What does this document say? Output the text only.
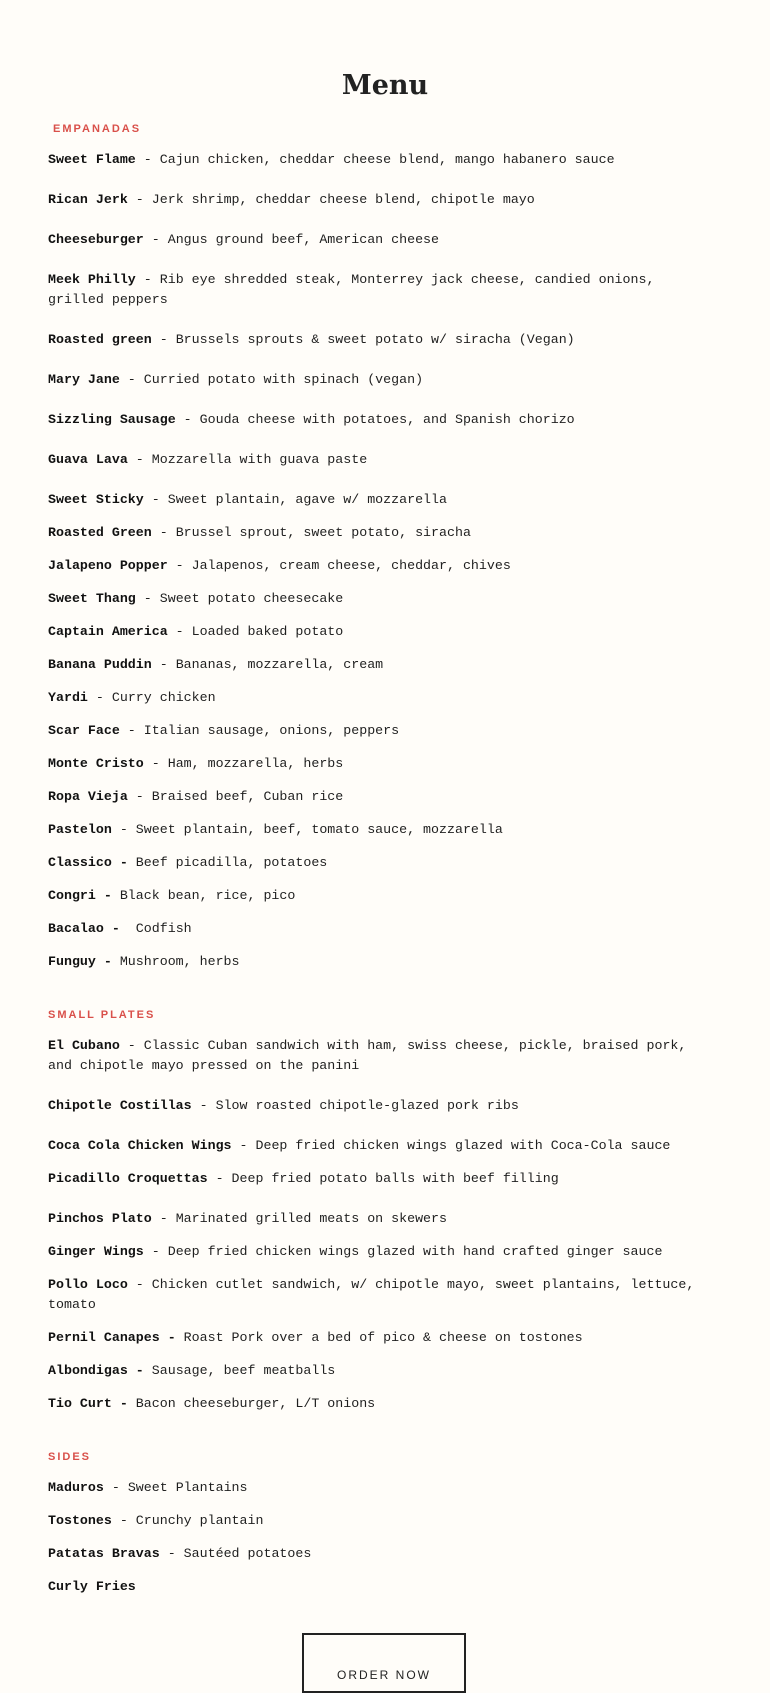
Menu
EMPANADAS

Sweet Flame - Cajun chicken, cheddar cheese blend, mango habanero sauce

Rican Jerk - Jerk shrimp, cheddar cheese blend, chipotle mayo

Cheeseburger - Angus ground beef, American cheese

Meek Philly - Rib eye shredded steak, Monterrey jack cheese, candied onions, grilled peppers

Roasted green - Brussels sprouts & sweet potato w/ siracha (Vegan)

Mary Jane - Curried potato with spinach (vegan)

Sizzling Sausage - Gouda cheese with potatoes, and Spanish chorizo

Guava Lava - Mozzarella with guava paste

Sweet Sticky - Sweet plantain, agave w/ mozzarella

Roasted Green - Brussel sprout, sweet potato, siracha

Jalapeno Popper - Jalapenos, cream cheese, cheddar, chives

Sweet Thang - Sweet potato cheesecake

Captain America - Loaded baked potato

Banana Puddin - Bananas, mozzarella, cream

Yardi - Curry chicken

Scar Face - Italian sausage, onions, peppers

Monte Cristo - Ham, mozzarella, herbs

Ropa Vieja - Braised beef, Cuban rice

Pastelon - Sweet plantain, beef, tomato sauce, mozzarella

Classico - Beef picadilla, potatoes

Congri - Black bean, rice, pico

Bacalao - Codfish

Funguy - Mushroom, herbs

SMALL PLATES

El Cubano - Classic Cuban sandwich with ham, swiss cheese, pickle, braised pork, and chipotle mayo pressed on the panini

Chipotle Costillas - Slow roasted chipotle-glazed pork ribs

Coca Cola Chicken Wings - Deep fried chicken wings glazed with Coca-Cola sauce

Picadillo Croquettas - Deep fried potato balls with beef filling

Pinchos Plato - Marinated grilled meats on skewers

Ginger Wings - Deep fried chicken wings glazed with hand crafted ginger sauce

Pollo Loco - Chicken cutlet sandwich, w/ chipotle mayo, sweet plantains, lettuce, tomato

Pernil Canapes - Roast Pork over a bed of pico & cheese on tostones

Albondigas - Sausage, beef meatballs

Tio Curt - Bacon cheeseburger, L/T onions

SIDES

Maduros - Sweet Plantains

Tostones - Crunchy plantain

Patatas Bravas - Sautéed potatoes

Curly Fries

ORDER NOW
